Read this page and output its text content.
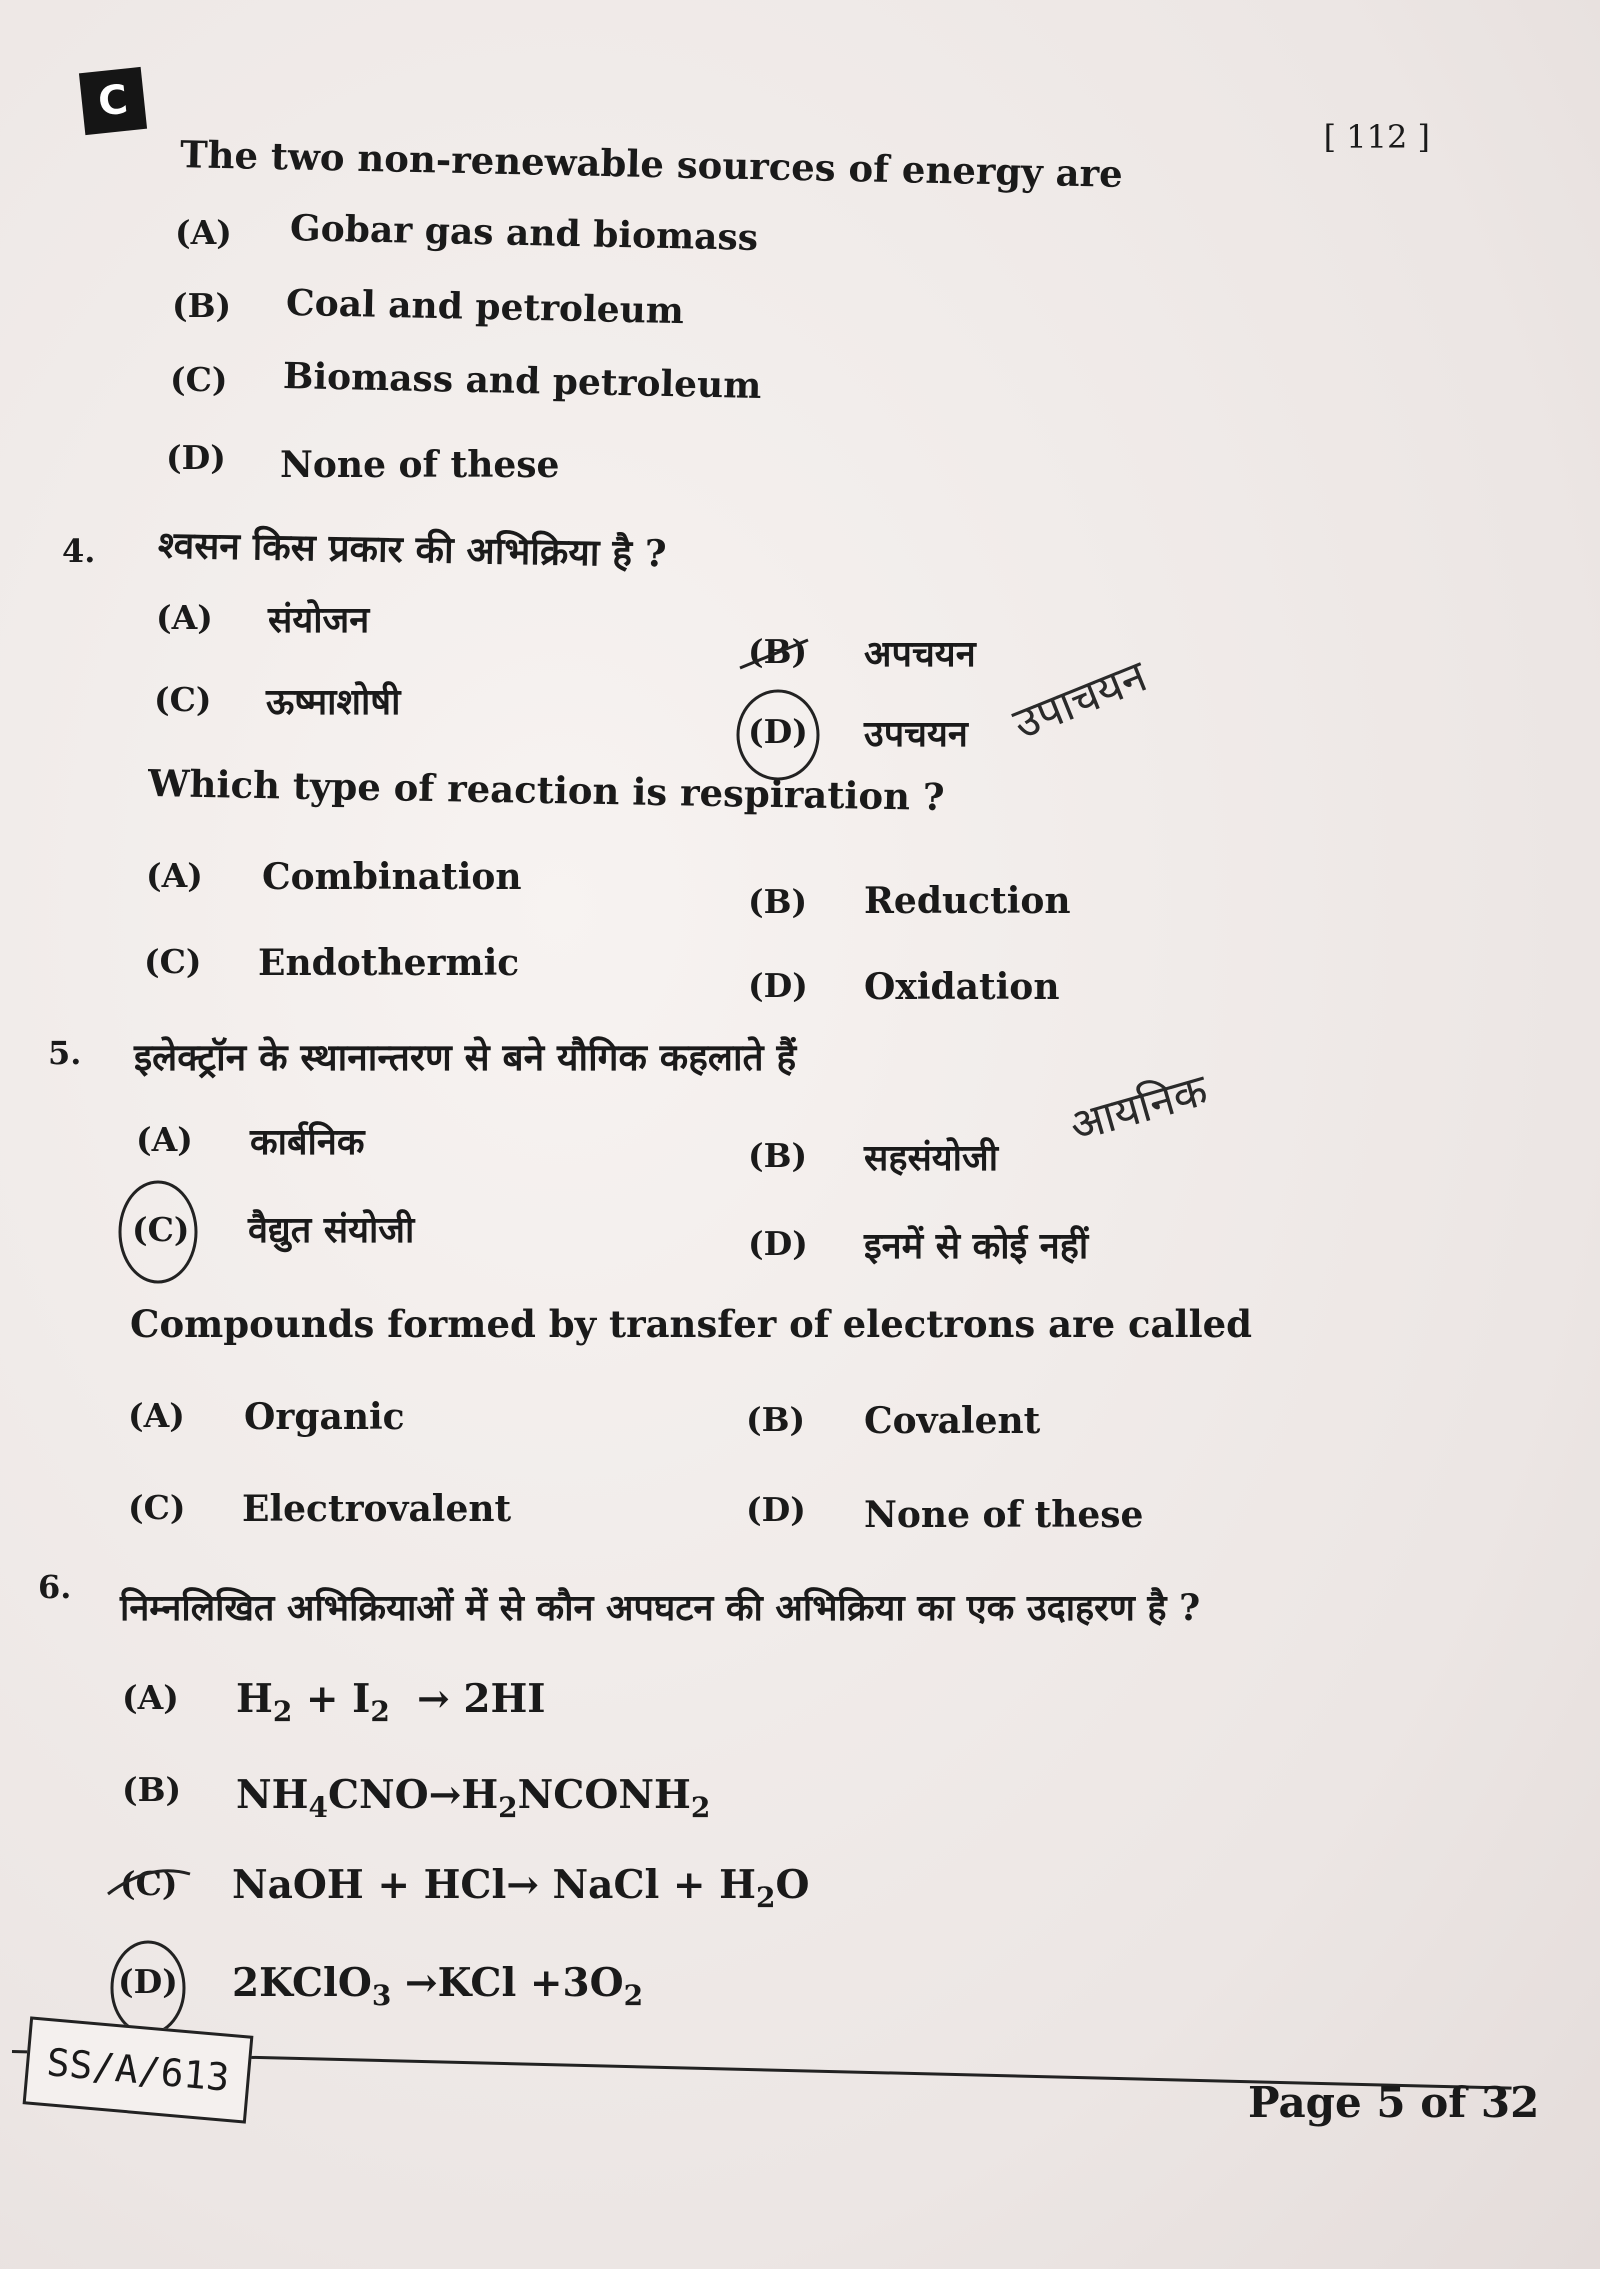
C
[ 112 ]
The two non-renewable sources of energy are
(A) Gobar gas and biomass
(B) Coal and petroleum
(C) Biomass and petroleum
(D) None of these
4. श्वसन किस प्रकार की अभिक्रिया है ?
(A) संयोजन
(B) अपचयन
(C) ऊष्माशोषी
(D) उपचयन उपाचयन
Which type of reaction is respiration ?
(A) Combination
(B) Reduction
(C) Endothermic
(D) Oxidation
5. इलेक्ट्रॉन के स्थानान्तरण से बने यौगिक कहलाते हैं
(A) कार्बनिक	(B) सहसंयोजी
आयनिक
(C) वैद्युत संयोजी	(D) इनमें से कोई नहीं
Compounds formed by transfer of electrons are called
(A) Organic	(B) Covalent
(C) Electrovalent	(D) None of these
6. निम्नलिखित अभिक्रियाओं में से कौन अपघटन की अभिक्रिया का एक उदाहरण है ?
(A) $H_2 + I_2 \to 2HI$
(B) $NH_4CNO\to H_2NCONH_2$
(C) NaOH + HCl→ NaCl + $H_2O$
(D) 2KClO$_3$ $\to KCl +3O_2$
SS/A/613
Page 5 of 32
